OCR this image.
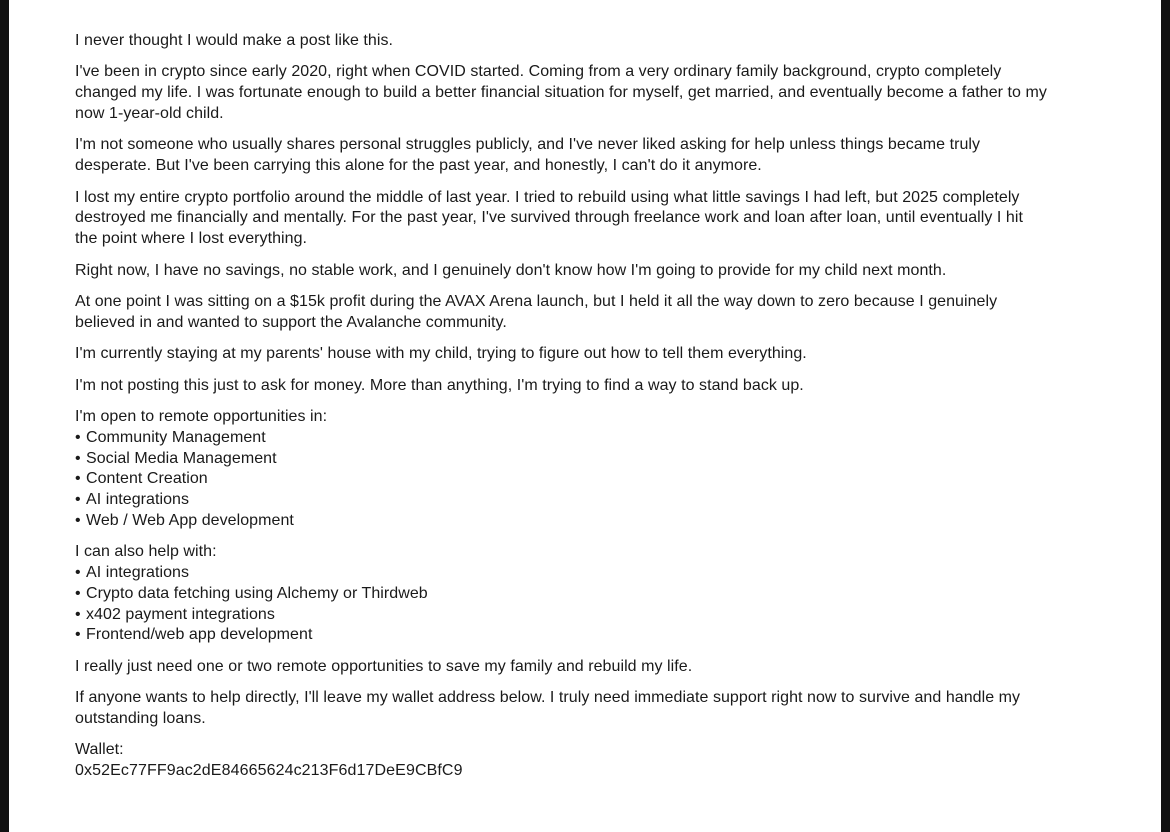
I never thought I would make a post like this.

I've been in crypto since early 2020, right when COVID started. Coming from a very ordinary family background, crypto completely
changed my life. I was fortunate enough to build a better financial situation for myself, get married, and eventually become a father to my
now 1-year-old child.

I'm not someone who usually shares personal struggles publicly, and I've never liked asking for help unless things became truly
desperate. But I've been carrying this alone for the past year, and honestly, I can't do it anymore.

I lost my entire crypto portfolio around the middle of last year. I tried to rebuild using what little savings I had left, but 2025 completely
destroyed me financially and mentally. For the past year, I've survived through freelance work and loan after loan, until eventually I hit
the point where I lost everything.

Right now, I have no savings, no stable work, and I genuinely don't know how I'm going to provide for my child next month.

At one point I was sitting on a $15k profit during the AVAX Arena launch, but I held it all the way down to zero because I genuinely
believed in and wanted to support the Avalanche community.

I'm currently staying at my parents' house with my child, trying to figure out how to tell them everything.

I'm not posting this just to ask for money. More than anything, I'm trying to find a way to stand back up.

I'm open to remote opportunities in:
• Community Management
• Social Media Management
• Content Creation
• AI integrations
• Web / Web App development
I can also help with:
• AI integrations
• Crypto data fetching using Alchemy or Thirdweb
• x402 payment integrations
• Frontend/web app development

I really just need one or two remote opportunities to save my family and rebuild my life.

If anyone wants to help directly, I'll leave my wallet address below. I truly need immediate support right now to survive and handle my
outstanding loans.

Wallet:
0x52Ec77FF9ac2dE84665624c213F6d17DeE9CBfC9
